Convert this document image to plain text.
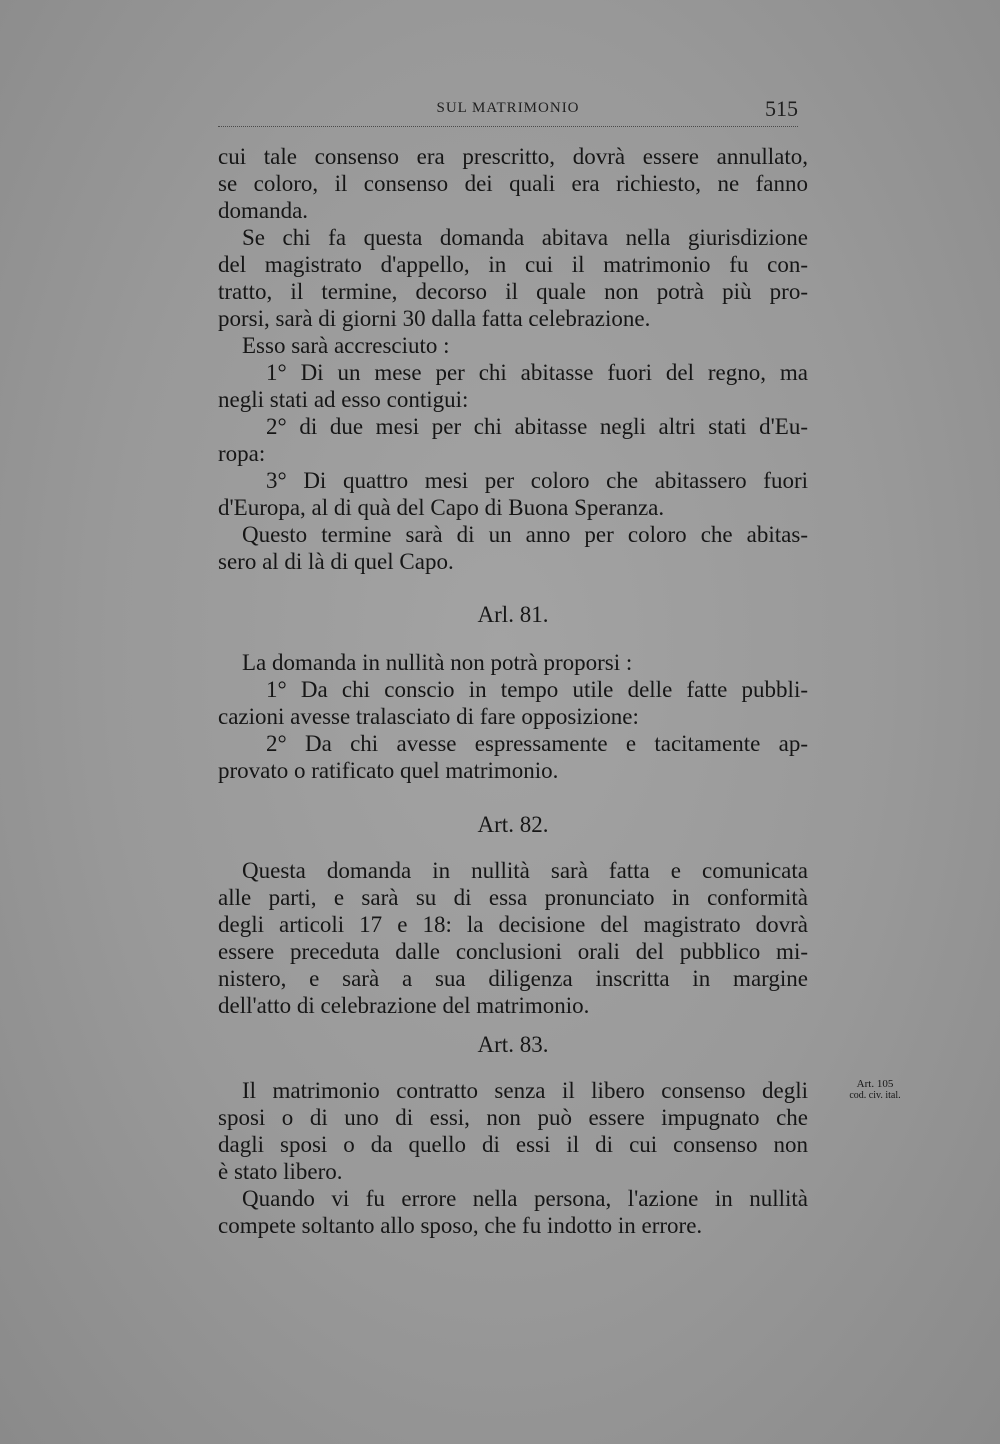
SUL MATRIMONIO	515
cui tale consenso era prescritto, dovrà essere annullato,
se coloro, il consenso dei quali era richiesto, ne fanno
domanda.
Se chi fa questa domanda abitava nella giurisdizione
del magistrato d'appello, in cui il matrimonio fu con-
tratto, il termine, decorso il quale non potrà più pro-
porsi, sarà di giorni 30 dalla fatta celebrazione.
Esso sarà accresciuto :
1° Di un mese per chi abitasse fuori del regno, ma
negli stati ad esso contigui:
2° di due mesi per chi abitasse negli altri stati d'Eu-
ropa:
3° Di quattro mesi per coloro che abitassero fuori
d'Europa, al di quà del Capo di Buona Speranza.
Questo termine sarà di un anno per coloro che abitas-
sero al di là di quel Capo.
Arl. 81.
La domanda in nullità non potrà proporsi :
1° Da chi conscio in tempo utile delle fatte pubbli-
cazioni avesse tralasciato di fare opposizione:
2° Da chi avesse espressamente e tacitamente ap-
provato o ratificato quel matrimonio.
Art. 82.
Questa domanda in nullità sarà fatta e comunicata
alle parti, e sarà su di essa pronunciato in conformità
degli articoli 17 e 18: la decisione del magistrato dovrà
essere preceduta dalle conclusioni orali del pubblico mi-
nistero, e sarà a sua diligenza inscritta in margine
dell'atto di celebrazione del matrimonio.
Art. 83.
Il matrimonio contratto senza il libero consenso degli
sposi o di uno di essi, non può essere impugnato che
dagli sposi o da quello di essi il di cui consenso non
è stato libero.
Quando vi fu errore nella persona, l'azione in nullità
compete soltanto allo sposo, che fu indotto in errore.
Art. 105
cod. civ. ital.
